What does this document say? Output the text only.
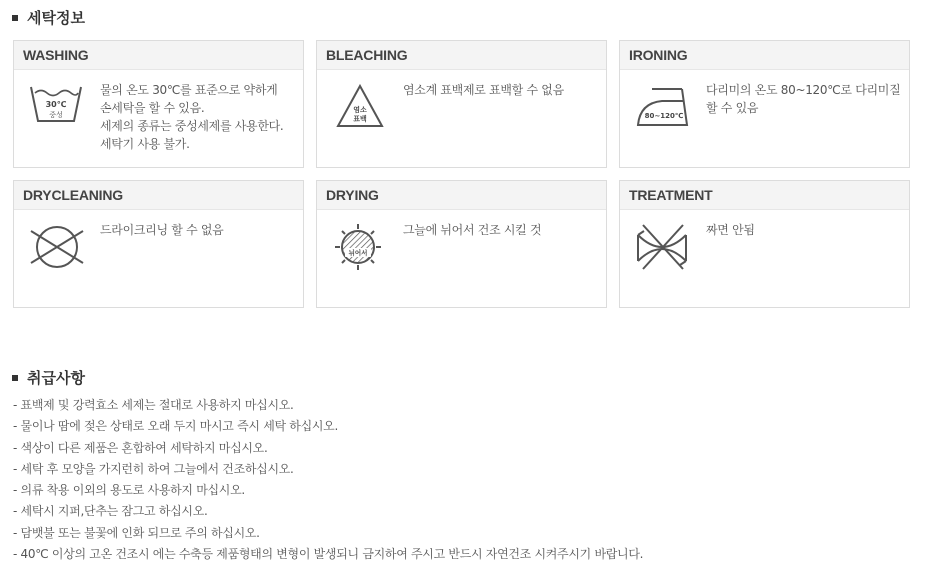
세탁정보
WASHING
30℃
중성
물의 온도 30℃를 표준으로 약하게
손세탁을 할 수 있음.
세제의 종류는 중성세제를 사용한다.
세탁기 사용 불가.
BLEACHING
염소
표백
염소계 표백제로 표백할 수 없음
IRONING
80~120℃
다리미의 온도 80~120℃로 다리미질
할 수 있음
DRYCLEANING
드라이크리닝 할 수 없음
DRYING
뉘어서
그늘에 뉘어서 건조 시킬 것
TREATMENT
짜면 안됨
취급사항
- 표백제 및 강력효소 세제는 절대로 사용하지 마십시오.
- 물이나 땀에 젖은 상태로 오래 두지 마시고 즉시 세탁 하십시오.
- 색상이 다른 제품은 혼합하여 세탁하지 마십시오.
- 세탁 후 모양을 가지런히 하여 그늘에서 건조하십시오.
- 의류 착용 이외의 용도로 사용하지 마십시오.
- 세탁시 지퍼,단추는 잠그고 하십시오.
- 담뱃불 또는 불꽃에 인화 되므로 주의 하십시오.
- 40℃ 이상의 고온 건조시 에는 수축등 제품형태의 변형이 발생되니 금지하여 주시고 반드시 자연건조 시켜주시기 바랍니다.
